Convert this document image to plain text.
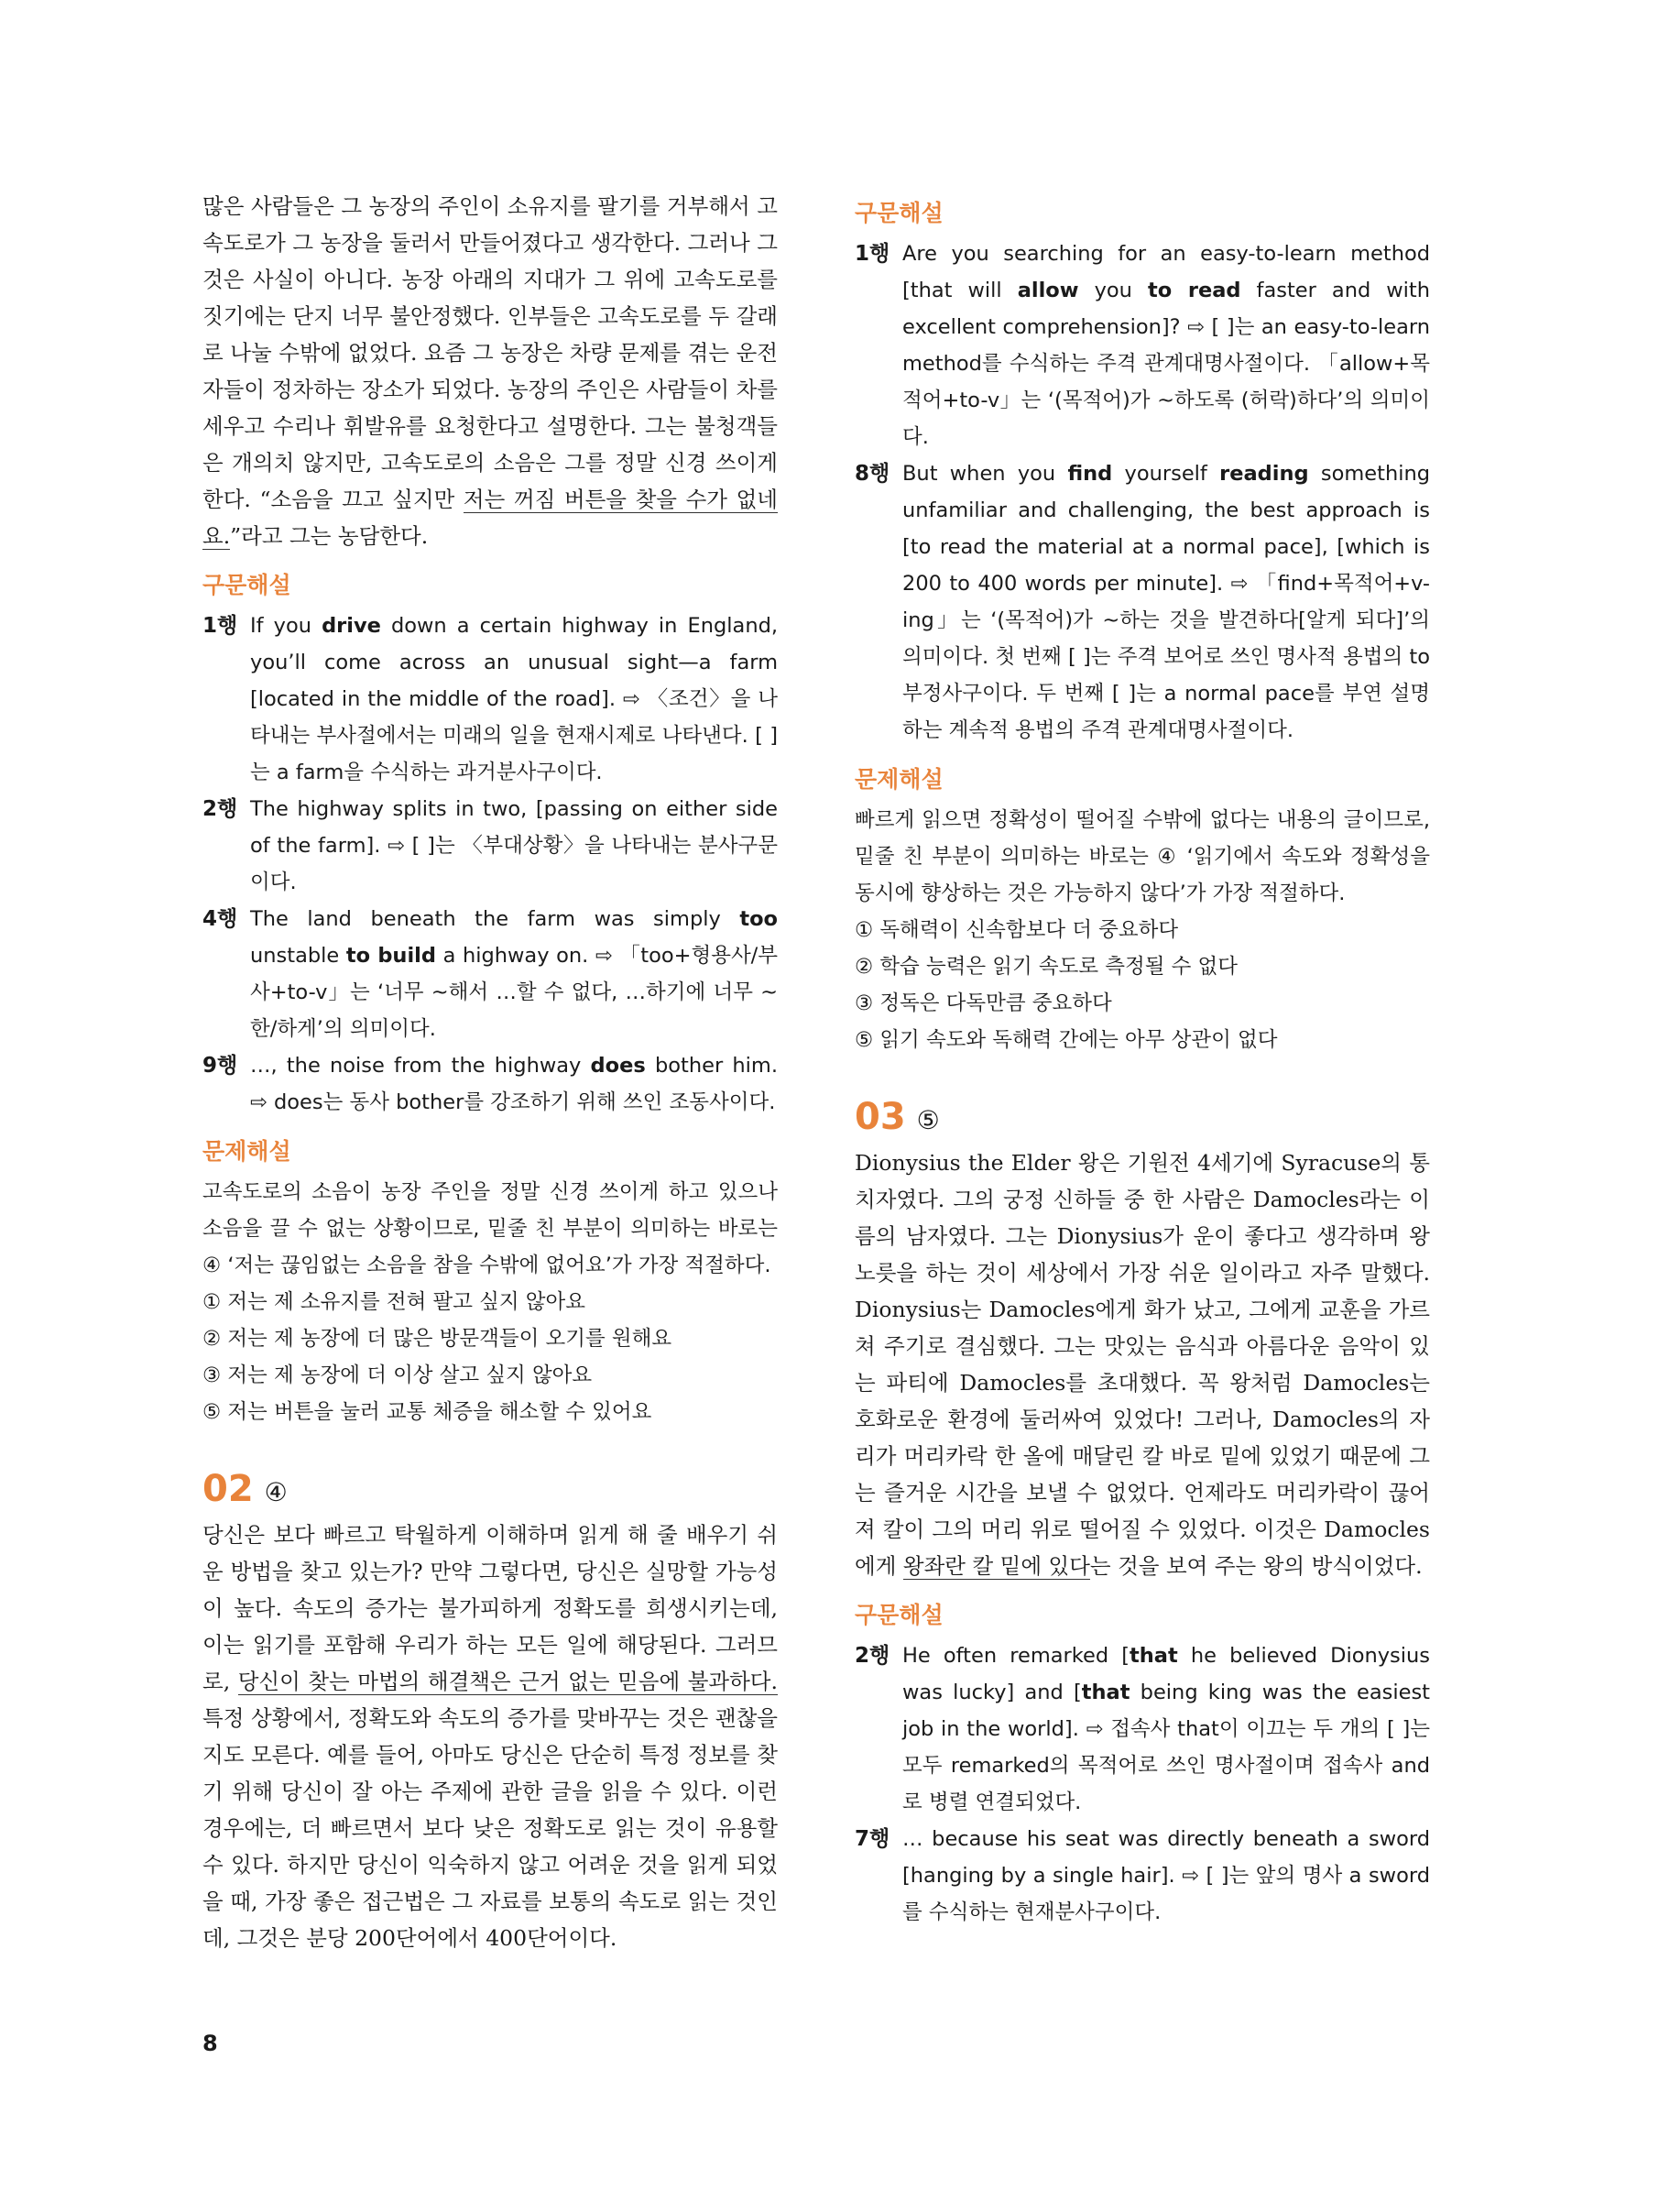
많은 사람들은 그 농장의 주인이 소유지를 팔기를 거부해서 고속도로가 그 농장을 둘러서 만들어졌다고 생각한다. 그러나 그것은 사실이 아니다. 농장 아래의 지대가 그 위에 고속도로를 짓기에는 단지 너무 불안정했다. 인부들은 고속도로를 두 갈래로 나눌 수밖에 없었다. 요즘 그 농장은 차량 문제를 겪는 운전자들이 정차하는 장소가 되었다. 농장의 주인은 사람들이 차를 세우고 수리나 휘발유를 요청한다고 설명한다. 그는 불청객들은 개의치 않지만, 고속도로의 소음은 그를 정말 신경 쓰이게 한다. “소음을 끄고 싶지만 저는 꺼짐 버튼을 찾을 수가 없네요.”라고 그는 농담한다.

구문해설
1행 If you drive down a certain highway in England, you’ll come across an unusual sight—a farm [located in the middle of the road]. ⇨ 〈조건〉을 나타내는 부사절에서는 미래의 일을 현재시제로 나타낸다. [ ]는 a farm을 수식하는 과거분사구이다.
2행 The highway splits in two, [passing on either side of the farm]. ⇨ [ ]는 〈부대상황〉을 나타내는 분사구문이다.
4행 The land beneath the farm was simply too unstable to build a highway on. ⇨ 「too+형용사/부사+to-v」는 ‘너무 ~해서 …할 수 없다, …하기에 너무 ~한/하게’의 의미이다.
9행 …, the noise from the highway does bother him. ⇨ does는 동사 bother를 강조하기 위해 쓰인 조동사이다.
문제해설

고속도로의 소음이 농장 주인을 정말 신경 쓰이게 하고 있으나 소음을 끌 수 없는 상황이므로, 밑줄 친 부분이 의미하는 바로는 ④ ‘저는 끊임없는 소음을 참을 수밖에 없어요’가 가장 적절하다.

① 저는 제 소유지를 전혀 팔고 싶지 않아요

② 저는 제 농장에 더 많은 방문객들이 오기를 원해요

③ 저는 제 농장에 더 이상 살고 싶지 않아요

⑤ 저는 버튼을 눌러 교통 체증을 해소할 수 있어요

02 ④

당신은 보다 빠르고 탁월하게 이해하며 읽게 해 줄 배우기 쉬운 방법을 찾고 있는가? 만약 그렇다면, 당신은 실망할 가능성이 높다. 속도의 증가는 불가피하게 정확도를 희생시키는데, 이는 읽기를 포함해 우리가 하는 모든 일에 해당된다. 그러므로, 당신이 찾는 마법의 해결책은 근거 없는 믿음에 불과하다. 특정 상황에서, 정확도와 속도의 증가를 맞바꾸는 것은 괜찮을지도 모른다. 예를 들어, 아마도 당신은 단순히 특정 정보를 찾기 위해 당신이 잘 아는 주제에 관한 글을 읽을 수 있다. 이런 경우에는, 더 빠르면서 보다 낮은 정확도로 읽는 것이 유용할 수 있다. 하지만 당신이 익숙하지 않고 어려운 것을 읽게 되었을 때, 가장 좋은 접근법은 그 자료를 보통의 속도로 읽는 것인데, 그것은 분당 200단어에서 400단어이다.

구문해설
1행 Are you searching for an easy-to-learn method [that will allow you to read faster and with excellent comprehension]? ⇨ [ ]는 an easy-to-learn method를 수식하는 주격 관계대명사절이다. 「allow+목적어+to-v」는 ‘(목적어)가 ~하도록 (허락)하다’의 의미이다.
8행 But when you find yourself reading something unfamiliar and challenging, the best approach is [to read the material at a normal pace], [which is 200 to 400 words per minute]. ⇨ 「find+목적어+v-ing」는 ‘(목적어)가 ~하는 것을 발견하다[알게 되다]’의 의미이다. 첫 번째 [ ]는 주격 보어로 쓰인 명사적 용법의 to부정사구이다. 두 번째 [ ]는 a normal pace를 부연 설명하는 계속적 용법의 주격 관계대명사절이다.
문제해설

빠르게 읽으면 정확성이 떨어질 수밖에 없다는 내용의 글이므로, 밑줄 친 부분이 의미하는 바로는 ④ ‘읽기에서 속도와 정확성을 동시에 향상하는 것은 가능하지 않다’가 가장 적절하다.

① 독해력이 신속함보다 더 중요하다

② 학습 능력은 읽기 속도로 측정될 수 없다

③ 정독은 다독만큼 중요하다

⑤ 읽기 속도와 독해력 간에는 아무 상관이 없다

03 ⑤

Dionysius the Elder 왕은 기원전 4세기에 Syracuse의 통치자였다. 그의 궁정 신하들 중 한 사람은 Damocles라는 이름의 남자였다. 그는 Dionysius가 운이 좋다고 생각하며 왕 노릇을 하는 것이 세상에서 가장 쉬운 일이라고 자주 말했다. Dionysius는 Damocles에게 화가 났고, 그에게 교훈을 가르쳐 주기로 결심했다. 그는 맛있는 음식과 아름다운 음악이 있는 파티에 Damocles를 초대했다. 꼭 왕처럼 Damocles는 호화로운 환경에 둘러싸여 있었다! 그러나, Damocles의 자리가 머리카락 한 올에 매달린 칼 바로 밑에 있었기 때문에 그는 즐거운 시간을 보낼 수 없었다. 언제라도 머리카락이 끊어져 칼이 그의 머리 위로 떨어질 수 있었다. 이것은 Damocles에게 왕좌란 칼 밑에 있다는 것을 보여 주는 왕의 방식이었다.

구문해설
2행 He often remarked [that he believed Dionysius was lucky] and [that being king was the easiest job in the world]. ⇨ 접속사 that이 이끄는 두 개의 [ ]는 모두 remarked의 목적어로 쓰인 명사절이며 접속사 and로 병렬 연결되었다.
7행 … because his seat was directly beneath a sword [hanging by a single hair]. ⇨ [ ]는 앞의 명사 a sword를 수식하는 현재분사구이다.
8
